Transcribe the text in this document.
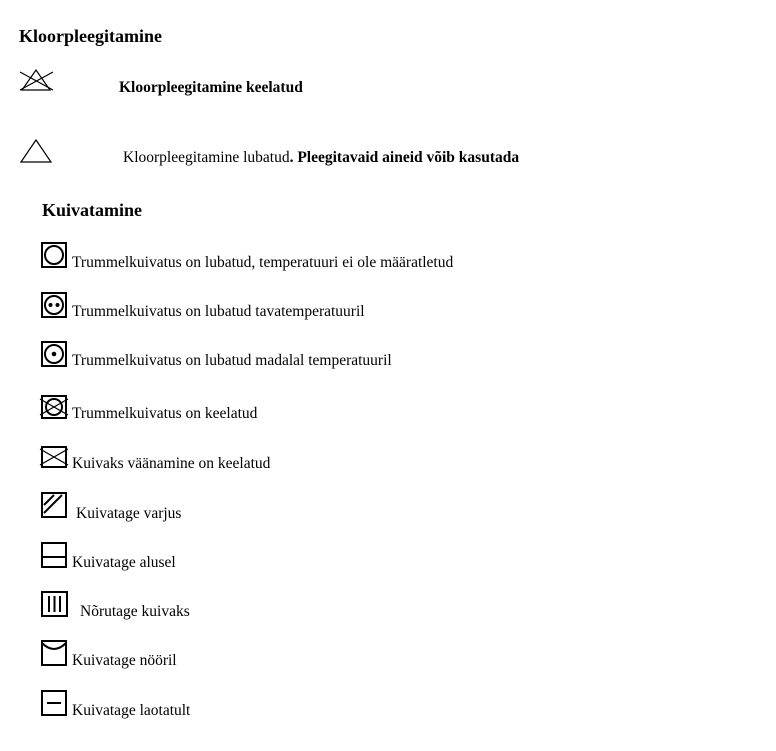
Kloorpleegitamine
Kloorpleegitamine keelatud
Kloorpleegitamine lubatud. Pleegitavaid aineid võib kasutada
Kuivatamine
Trummelkuivatus on lubatud, temperatuuri ei ole määratletud
Trummelkuivatus on lubatud tavatemperatuuril
Trummelkuivatus on lubatud madalal temperatuuril
Trummelkuivatus on keelatud
Kuivaks väänamine on keelatud
Kuivatage varjus
Kuivatage alusel
Nõrutage kuivaks
Kuivatage nööril
Kuivatage laotatult
